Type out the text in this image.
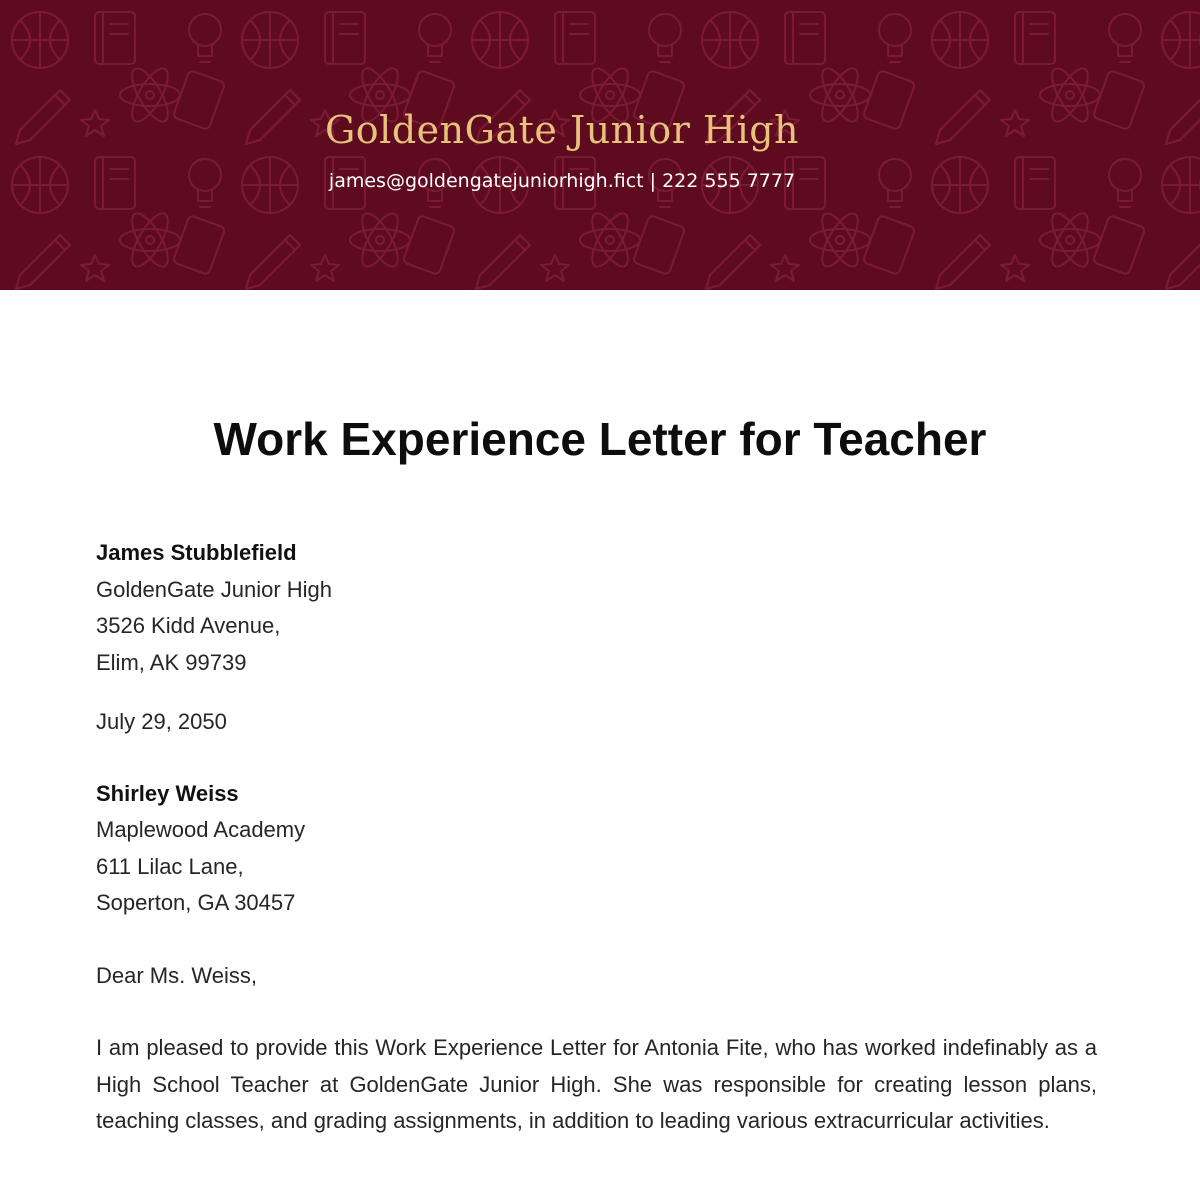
GoldenGate Junior High

james@goldengatejuniorhigh.fict | 222 555 7777

Work Experience Letter for Teacher

James Stubblefield

GoldenGate Junior High

3526 Kidd Avenue,

Elim, AK 99739

July 29, 2050

Shirley Weiss

Maplewood Academy

611 Lilac Lane,

Soperton, GA 30457

Dear Ms. Weiss,

I am pleased to provide this Work Experience Letter for Antonia Fite, who has worked indefinably as a High School Teacher at GoldenGate Junior High. She was responsible for creating lesson plans, teaching classes, and grading assignments, in addition to leading various extracurricular activities.
